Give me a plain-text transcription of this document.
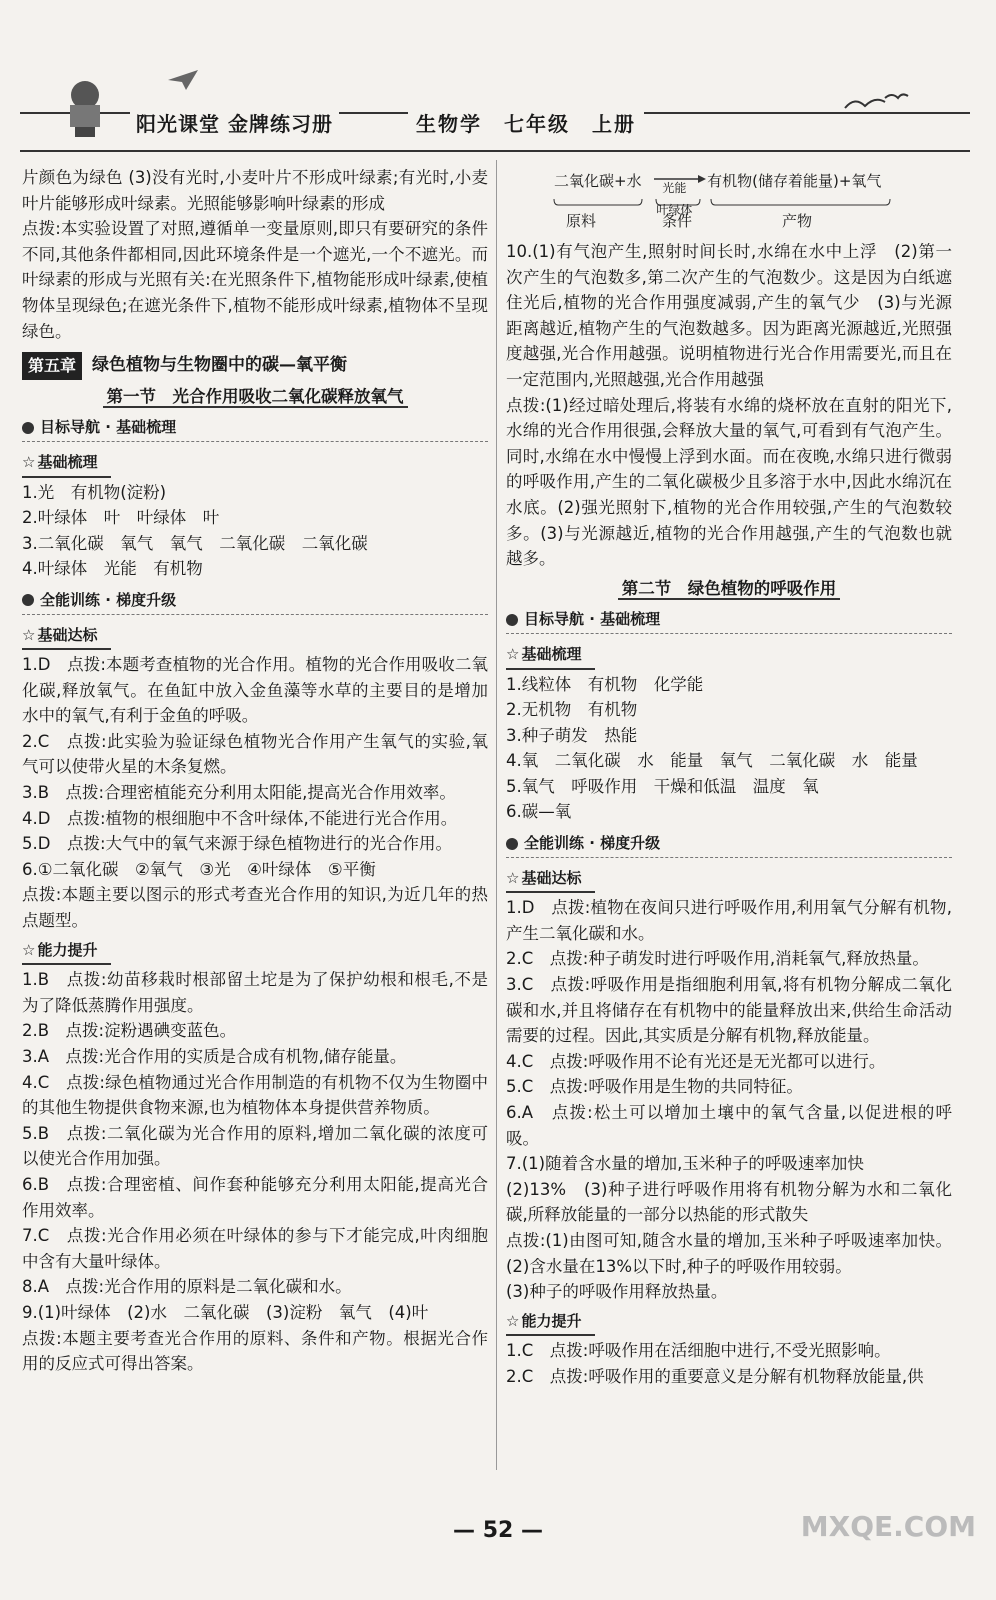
阳光课堂 金牌练习册	生物学　七年级　上册

片颜色为绿色 (3)没有光时,小麦叶片不形成叶绿素;有光时,小麦叶片能够形成叶绿素。光照能够影响叶绿素的形成

点拨:本实验设置了对照,遵循单一变量原则,即只有要研究的条件不同,其他条件都相同,因此环境条件是一个遮光,一个不遮光。而叶绿素的形成与光照有关:在光照条件下,植物能形成叶绿素,使植物体呈现绿色;在遮光条件下,植物不能形成叶绿素,植物体不呈现绿色。

第五章 绿色植物与生物圈中的碳—氧平衡
第一节　光合作用吸收二氧化碳释放氧气
目标导航 · 基础梳理
☆ 基础梳理

1.光　有机物(淀粉)

2.叶绿体　叶　叶绿体　叶

3.二氧化碳　氧气　氧气　二氧化碳　二氧化碳

4.叶绿体　光能　有机物

全能训练 · 梯度升级
☆ 基础达标

1.D　点拨:本题考查植物的光合作用。植物的光合作用吸收二氧化碳,释放氧气。在鱼缸中放入金鱼藻等水草的主要目的是增加水中的氧气,有利于金鱼的呼吸。

2.C　点拨:此实验为验证绿色植物光合作用产生氧气的实验,氧气可以使带火星的木条复燃。

3.B　点拨:合理密植能充分利用太阳能,提高光合作用效率。

4.D　点拨:植物的根细胞中不含叶绿体,不能进行光合作用。

5.D　点拨:大气中的氧气来源于绿色植物进行的光合作用。

6.①二氧化碳　②氧气　③光　④叶绿体　⑤平衡

点拨:本题主要以图示的形式考查光合作用的知识,为近几年的热点题型。

☆ 能力提升

1.B　点拨:幼苗移栽时根部留土坨是为了保护幼根和根毛,不是为了降低蒸腾作用强度。

2.B　点拨:淀粉遇碘变蓝色。

3.A　点拨:光合作用的实质是合成有机物,储存能量。

4.C　点拨:绿色植物通过光合作用制造的有机物不仅为生物圈中的其他生物提供食物来源,也为植物体本身提供营养物质。

5.B　点拨:二氧化碳为光合作用的原料,增加二氧化碳的浓度可以使光合作用加强。

6.B　点拨:合理密植、间作套种能够充分利用太阳能,提高光合作用效率。

7.C　点拨:光合作用必须在叶绿体的参与下才能完成,叶肉细胞中含有大量叶绿体。

8.A　点拨:光合作用的原料是二氧化碳和水。

9.(1)叶绿体　(2)水　二氧化碳　(3)淀粉　氧气　(4)叶

点拨:本题主要考查光合作用的原料、条件和产物。根据光合作用的反应式可得出答案。

二氧化碳+水	光能
叶绿体
有机物(储存着能量)+氧气
原料	条件	产物

10.(1)有气泡产生,照射时间长时,水绵在水中上浮　(2)第一次产生的气泡数多,第二次产生的气泡数少。这是因为白纸遮住光后,植物的光合作用强度减弱,产生的氧气少　(3)与光源距离越近,植物产生的气泡数越多。因为距离光源越近,光照强度越强,光合作用越强。说明植物进行光合作用需要光,而且在一定范围内,光照越强,光合作用越强

点拨:(1)经过暗处理后,将装有水绵的烧杯放在直射的阳光下,水绵的光合作用很强,会释放大量的氧气,可看到有气泡产生。同时,水绵在水中慢慢上浮到水面。而在夜晚,水绵只进行微弱的呼吸作用,产生的二氧化碳极少且多溶于水中,因此水绵沉在水底。(2)强光照射下,植物的光合作用较强,产生的气泡数较多。(3)与光源越近,植物的光合作用越强,产生的气泡数也就越多。

第二节　绿色植物的呼吸作用
目标导航 · 基础梳理
☆ 基础梳理

1.线粒体　有机物　化学能

2.无机物　有机物

3.种子萌发　热能

4.氧　二氧化碳　水　能量　氧气　二氧化碳　水　能量

5.氧气　呼吸作用　干燥和低温　温度　氧

6.碳—氧

全能训练 · 梯度升级
☆ 基础达标

1.D　点拨:植物在夜间只进行呼吸作用,利用氧气分解有机物,产生二氧化碳和水。

2.C　点拨:种子萌发时进行呼吸作用,消耗氧气,释放热量。

3.C　点拨:呼吸作用是指细胞利用氧,将有机物分解成二氧化碳和水,并且将储存在有机物中的能量释放出来,供给生命活动需要的过程。因此,其实质是分解有机物,释放能量。

4.C　点拨:呼吸作用不论有光还是无光都可以进行。

5.C　点拨:呼吸作用是生物的共同特征。

6.A　点拨:松土可以增加土壤中的氧气含量,以促进根的呼吸。

7.(1)随着含水量的增加,玉米种子的呼吸速率加快

(2)13%　(3)种子进行呼吸作用将有机物分解为水和二氧化碳,所释放能量的一部分以热能的形式散失

点拨:(1)由图可知,随含水量的增加,玉米种子呼吸速率加快。(2)含水量在13%以下时,种子的呼吸作用较弱。

(3)种子的呼吸作用释放热量。

☆ 能力提升

1.C　点拨:呼吸作用在活细胞中进行,不受光照影响。

2.C　点拨:呼吸作用的重要意义是分解有机物释放能量,供

— 52 —	MXQE.COM
